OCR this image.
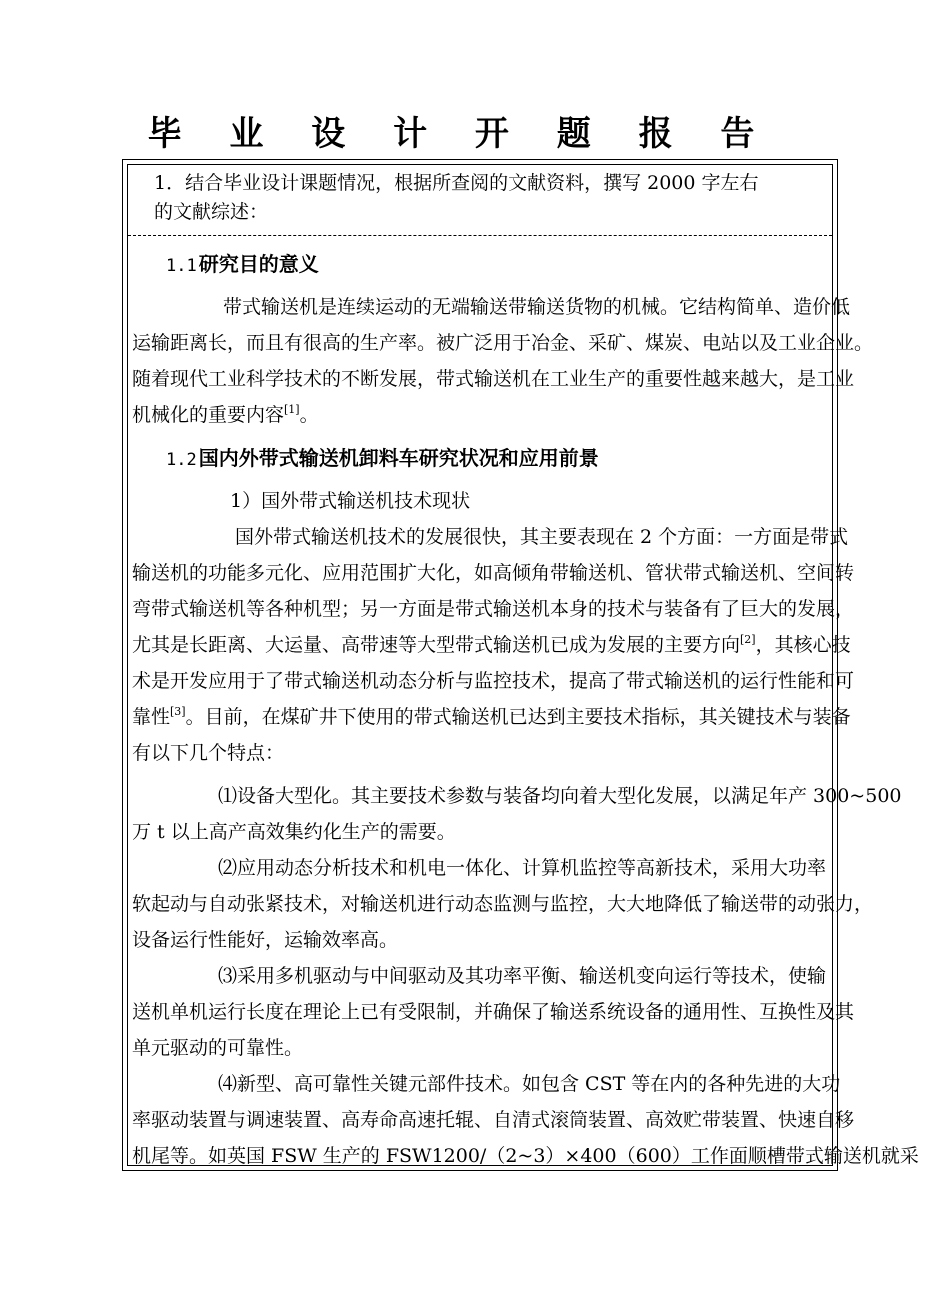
毕 业 设 计 开 题 报 告
1．结合毕业设计课题情况，根据所查阅的文献资料，撰写 2000 字左右
的文献综述：
1.1 研究目的意义
带式输送机是连续运动的无端输送带输送货物的机械。它结构简单、造价低
运输距离长，而且有很高的生产率。被广泛用于冶金、采矿、煤炭、电站以及工业企业。
随着现代工业科学技术的不断发展，带式输送机在工业生产的重要性越来越大，是工业
机械化的重要内容[1]。
1.2 国内外带式输送机卸料车研究状况和应用前景
1）国外带式输送机技术现状
国外带式输送机技术的发展很快，其主要表现在 2 个方面：一方面是带式
输送机的功能多元化、应用范围扩大化，如高倾角带输送机、管状带式输送机、空间转
弯带式输送机等各种机型；另一方面是带式输送机本身的技术与装备有了巨大的发展，
尤其是长距离、大运量、高带速等大型带式输送机已成为发展的主要方向[2]，其核心技
术是开发应用于了带式输送机动态分析与监控技术，提高了带式输送机的运行性能和可
靠性[3]。目前，在煤矿井下使用的带式输送机已达到主要技术指标，其关键技术与装备
有以下几个特点：
⑴设备大型化。其主要技术参数与装备均向着大型化发展，以满足年产 300~500
万 t 以上高产高效集约化生产的需要。
⑵应用动态分析技术和机电一体化、计算机监控等高新技术，采用大功率
软起动与自动张紧技术，对输送机进行动态监测与监控，大大地降低了输送带的动张力，
设备运行性能好，运输效率高。
⑶采用多机驱动与中间驱动及其功率平衡、输送机变向运行等技术，使输
送机单机运行长度在理论上已有受限制，并确保了输送系统设备的通用性、互换性及其
单元驱动的可靠性。
⑷新型、高可靠性关键元部件技术。如包含 CST 等在内的各种先进的大功
率驱动装置与调速装置、高寿命高速托辊、自清式滚筒装置、高效贮带装置、快速自移
机尾等。如英国 FSW 生产的 FSW1200/（2~3）×400（600）工作面顺槽带式输送机就采
